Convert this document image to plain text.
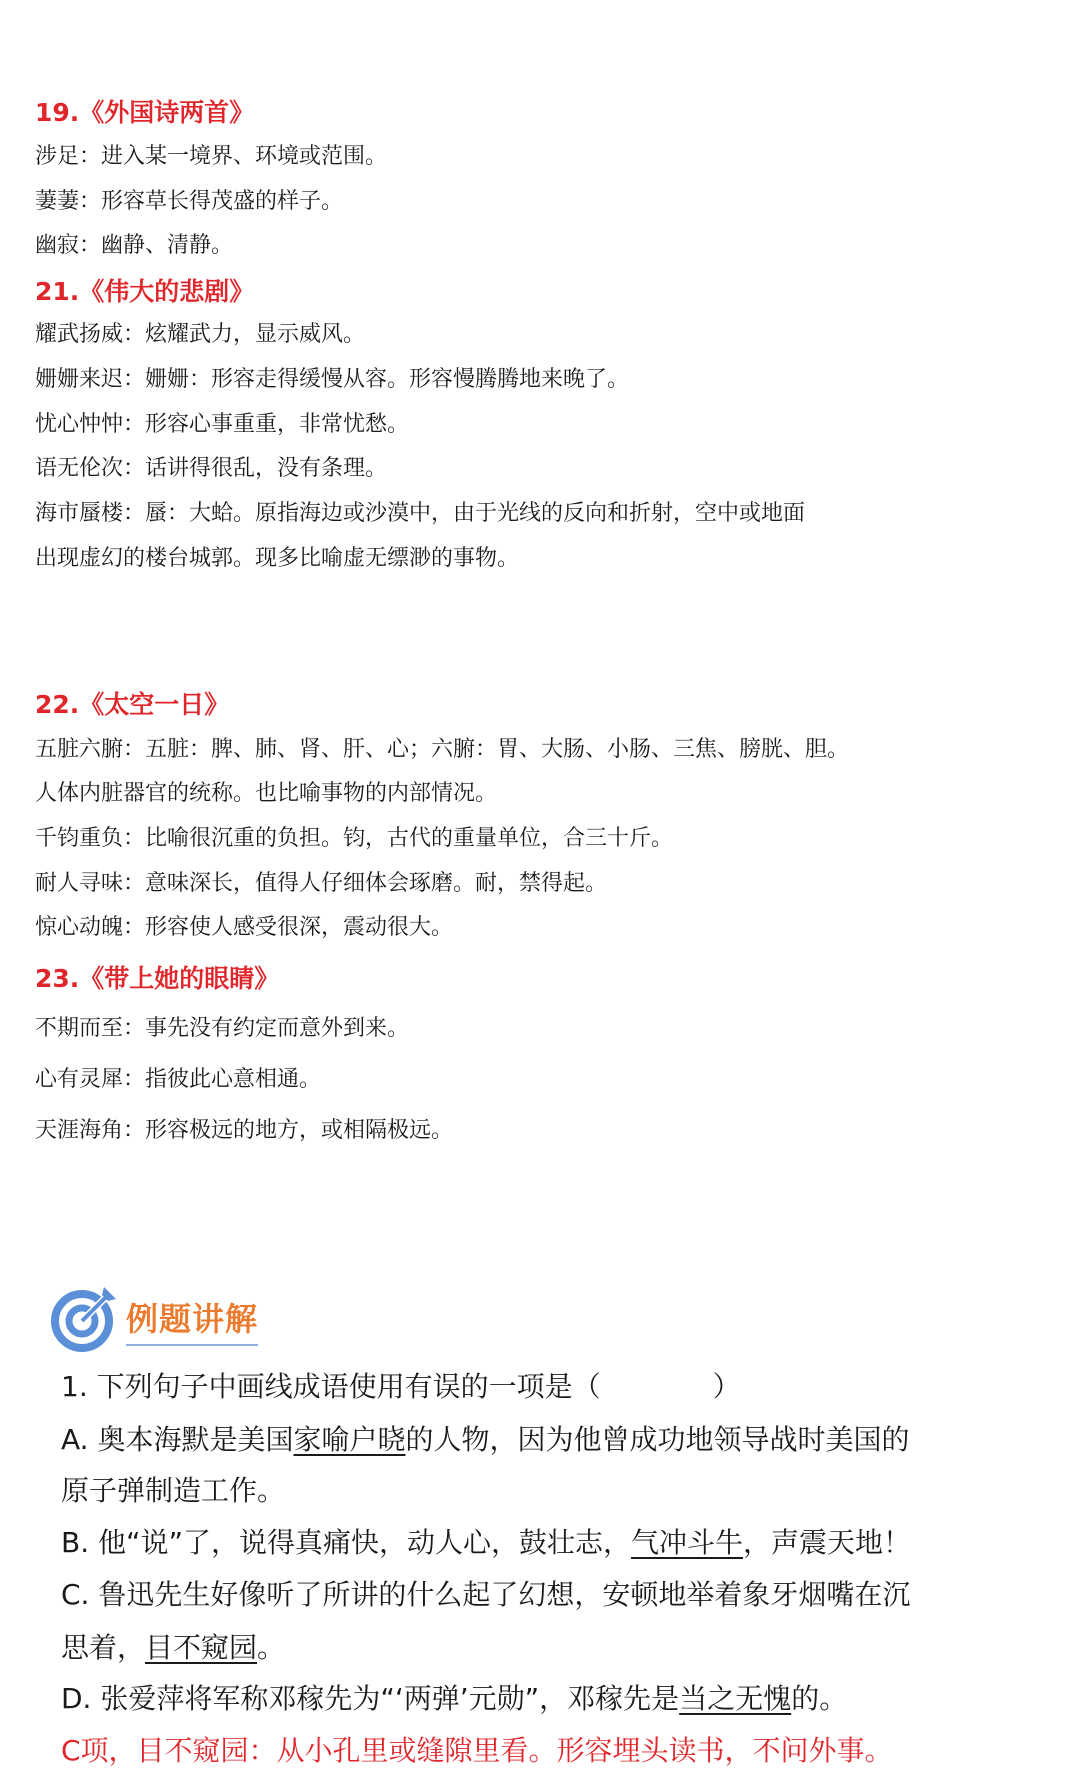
19.《外国诗两首》
涉足：进入某一境界、环境或范围。
萋萋：形容草长得茂盛的样子。
幽寂：幽静、清静。
21.《伟大的悲剧》
耀武扬威：炫耀武力，显示威风。
姗姗来迟：姗姗：形容走得缓慢从容。形容慢腾腾地来晚了。
忧心忡忡：形容心事重重，非常忧愁。
语无伦次：话讲得很乱，没有条理。
海市蜃楼：蜃：大蛤。原指海边或沙漠中，由于光线的反向和折射，空中或地面
出现虚幻的楼台城郭。现多比喻虚无缥渺的事物。
22.《太空一日》
五脏六腑：五脏：脾、肺、肾、肝、心；六腑：胃、大肠、小肠、三焦、膀胱、胆。
人体内脏器官的统称。也比喻事物的内部情况。
千钧重负：比喻很沉重的负担。钧，古代的重量单位，合三十斤。
耐人寻味：意味深长，值得人仔细体会琢磨。耐，禁得起。
惊心动魄：形容使人感受很深，震动很大。
23.《带上她的眼睛》
不期而至：事先没有约定而意外到来。
心有灵犀：指彼此心意相通。
天涯海角：形容极远的地方，或相隔极远。
例题讲解
1. 下列句子中画线成语使用有误的一项是（　　　　）
A. 奥本海默是美国家喻户晓的人物，因为他曾成功地领导战时美国的
原子弹制造工作。
B. 他“说”了，说得真痛快，动人心，鼓壮志，气冲斗牛，声震天地！
C. 鲁迅先生好像听了所讲的什么起了幻想，安顿地举着象牙烟嘴在沉
思着，目不窥园。
D. 张爱萍将军称邓稼先为“‘两弹’元勋”，邓稼先是当之无愧的。
C项，目不窥园：从小孔里或缝隙里看。形容埋头读书，不问外事。
